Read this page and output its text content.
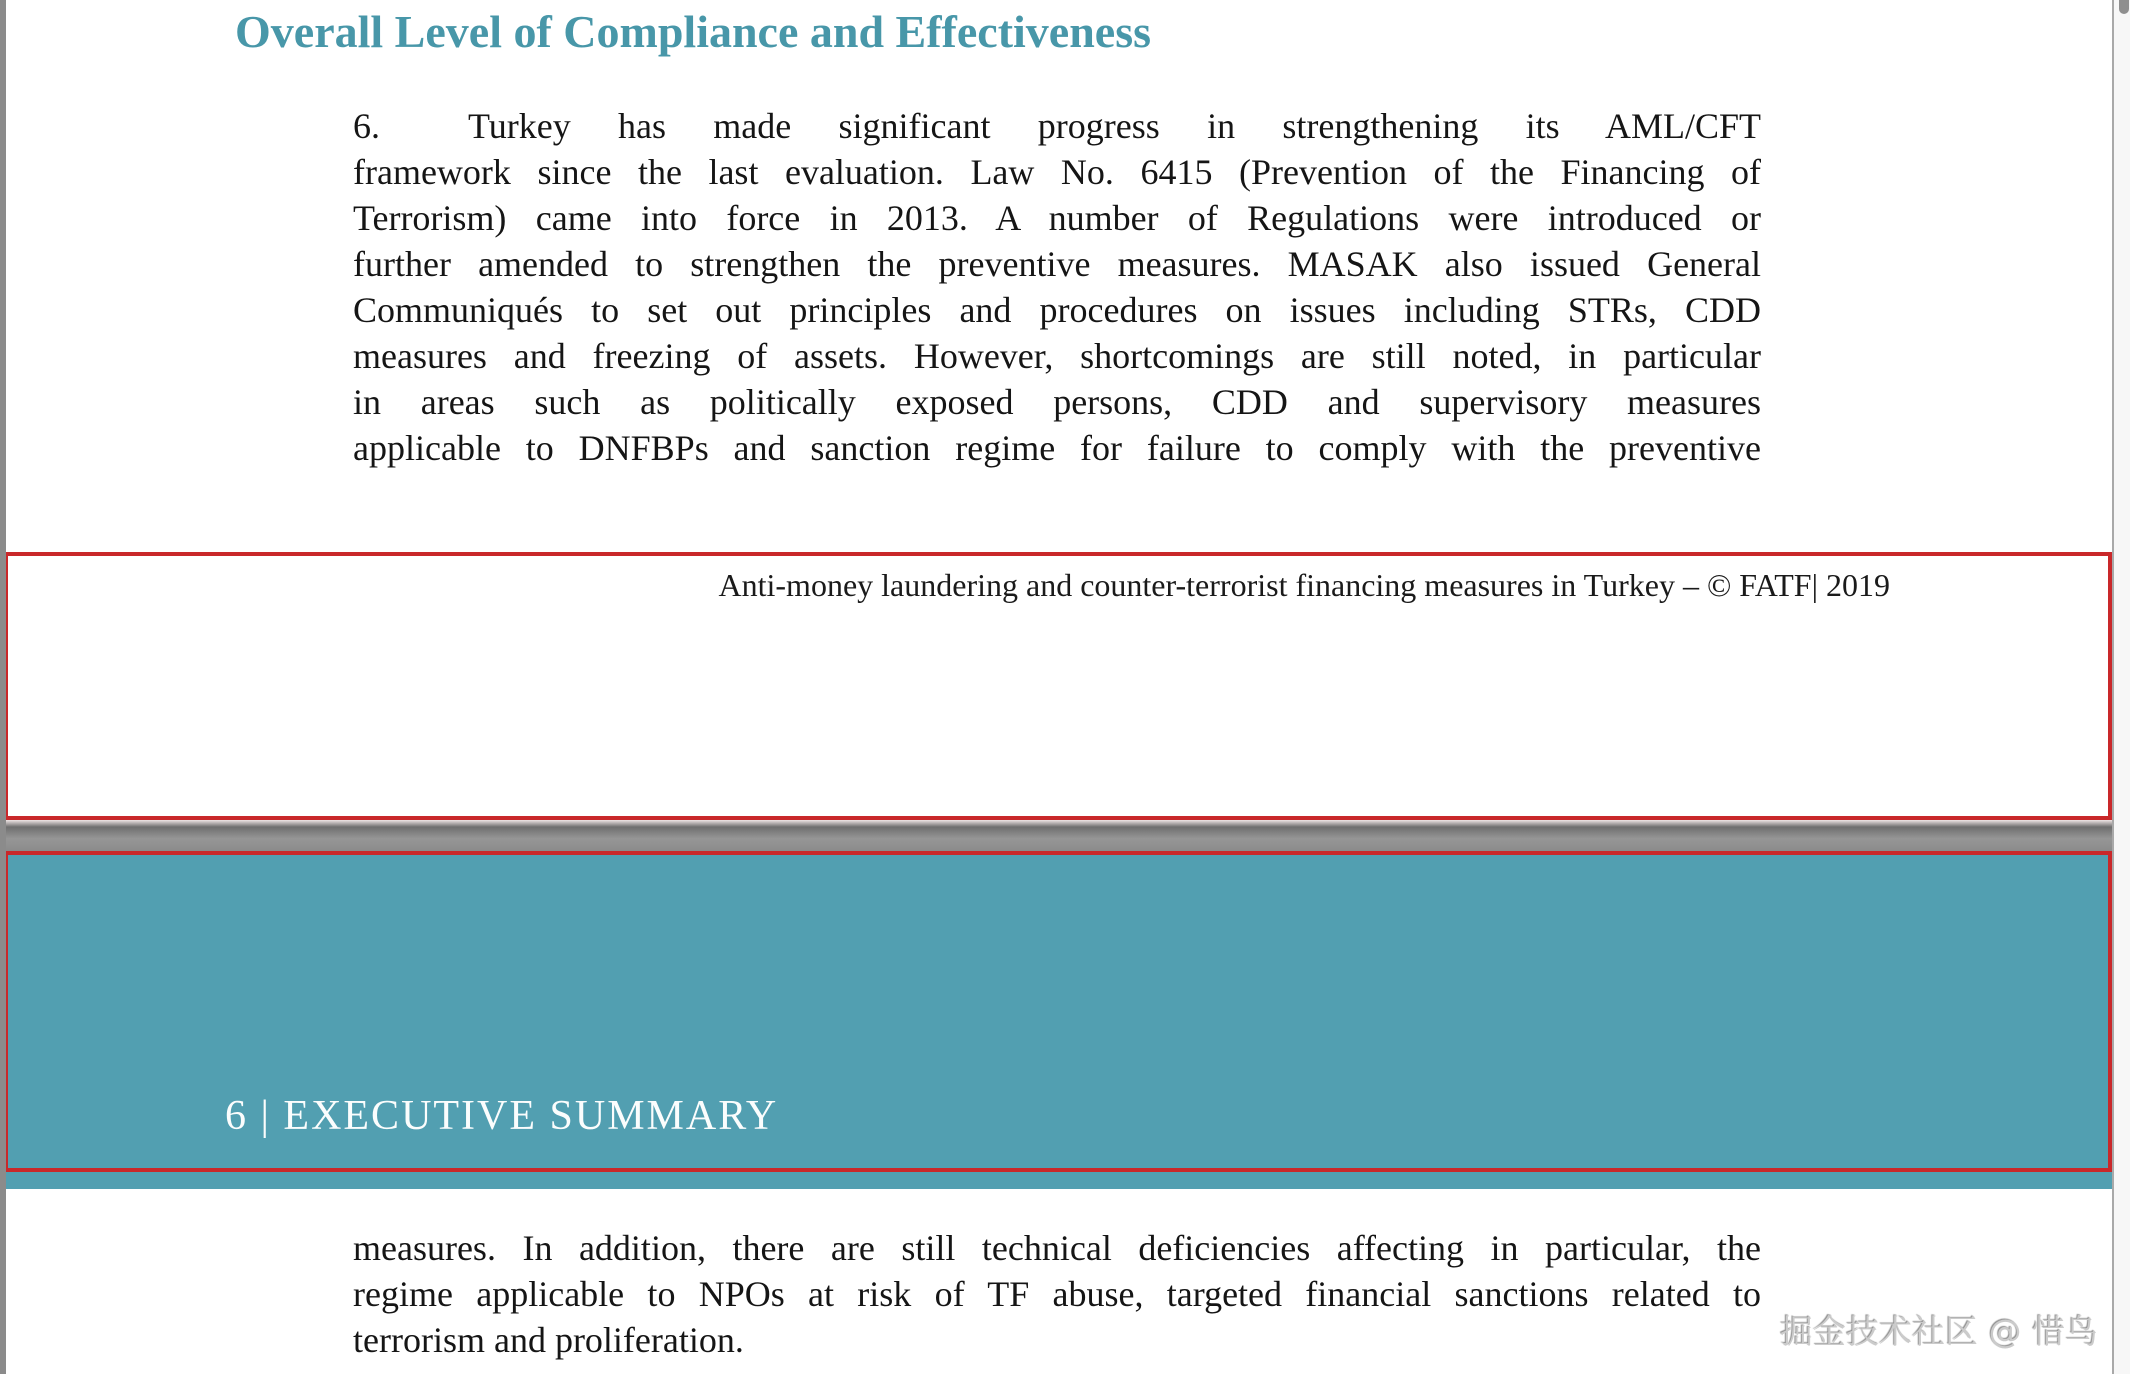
Overall Level of Compliance and Effectiveness
6. Turkey has made significant progress in strengthening its AML/CFT
framework since the last evaluation. Law No. 6415 (Prevention of the Financing of
Terrorism) came into force in 2013. A number of Regulations were introduced or
further amended to strengthen the preventive measures. MASAK also issued General
Communiqués to set out principles and procedures on issues including STRs, CDD
measures and freezing of assets. However, shortcomings are still noted, in particular
in areas such as politically exposed persons, CDD and supervisory measures
applicable to DNFBPs and sanction regime for failure to comply with the preventive
Anti-money laundering and counter-terrorist financing measures in Turkey – © FATF| 2019
6 | EXECUTIVE SUMMARY
measures. In addition, there are still technical deficiencies affecting in particular, the
regime applicable to NPOs at risk of TF abuse, targeted financial sanctions related to
terrorism and proliferation.	掘金技术社区 @ 惜鸟
